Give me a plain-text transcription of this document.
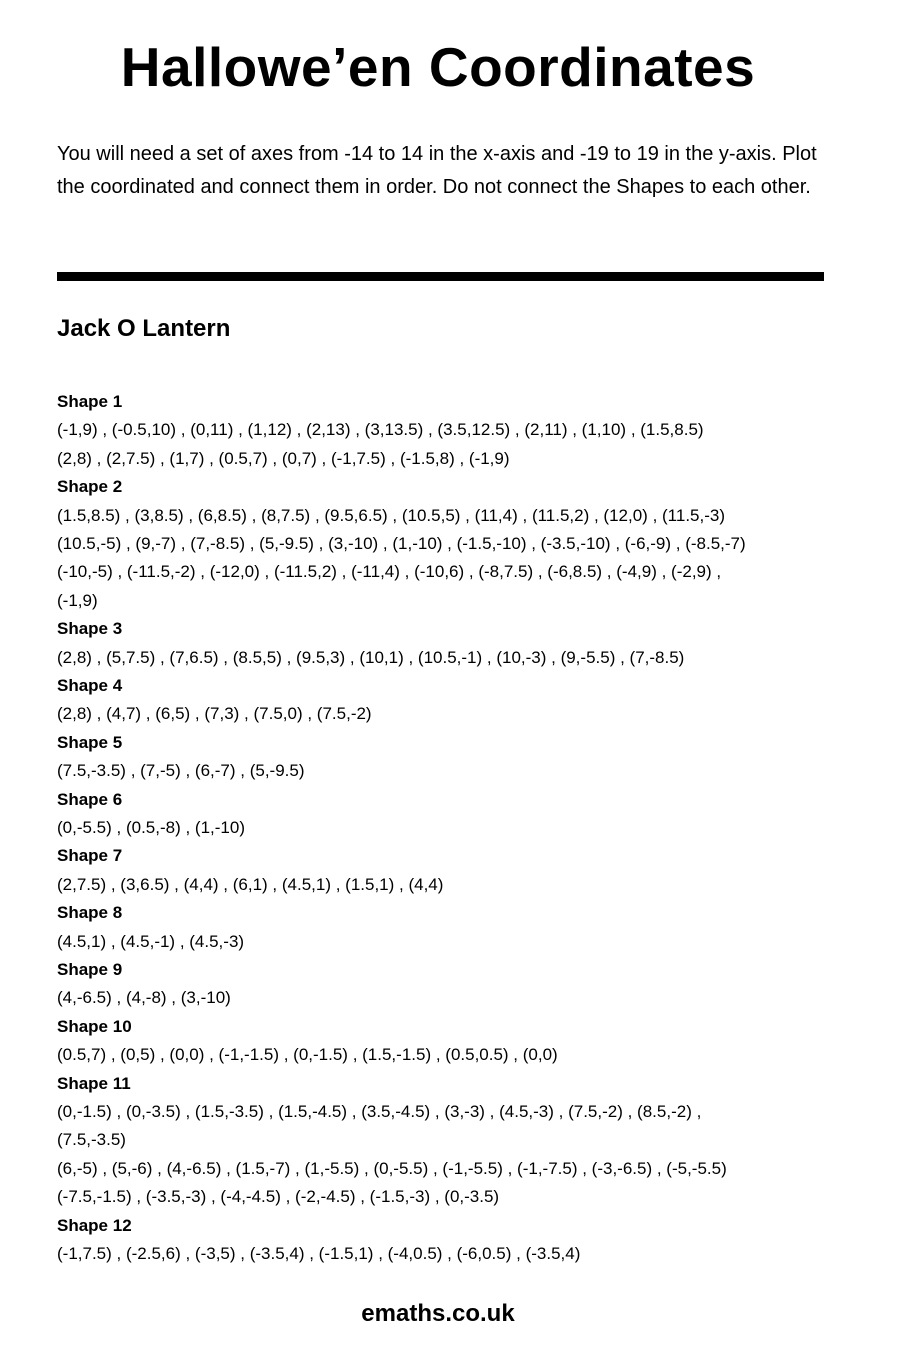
Hallowe’en Coordinates

You will need a set of axes from -14 to 14 in the x-axis and -19 to 19 in the y-axis. Plot the coordinated and connect them in order. Do not connect the Shapes to each other.

Jack O Lantern
Shape 1
(-1,9) , (-0.5,10) , (0,11) , (1,12) , (2,13) , (3,13.5) , (3.5,12.5) , (2,11) , (1,10) , (1.5,8.5)
(2,8) , (2,7.5) , (1,7) , (0.5,7) , (0,7) , (-1,7.5) , (-1.5,8) , (-1,9)
Shape 2
(1.5,8.5) , (3,8.5) , (6,8.5) , (8,7.5) , (9.5,6.5) , (10.5,5) , (11,4) , (11.5,2) , (12,0) , (11.5,-3)
(10.5,-5) , (9,-7) , (7,-8.5) , (5,-9.5) , (3,-10) , (1,-10) , (-1.5,-10) , (-3.5,-10) , (-6,-9) , (-8.5,-7)
(-10,-5) , (-11.5,-2) , (-12,0) , (-11.5,2) , (-11,4) , (-10,6) , (-8,7.5) , (-6,8.5) , (-4,9) , (-2,9) ,
(-1,9)
Shape 3
(2,8) , (5,7.5) , (7,6.5) , (8.5,5) , (9.5,3) , (10,1) , (10.5,-1) , (10,-3) , (9,-5.5) , (7,-8.5)
Shape 4
(2,8) , (4,7) , (6,5) , (7,3) , (7.5,0) , (7.5,-2)
Shape 5
(7.5,-3.5) , (7,-5) , (6,-7) , (5,-9.5)
Shape 6
(0,-5.5) , (0.5,-8) , (1,-10)
Shape 7
(2,7.5) , (3,6.5) , (4,4) , (6,1) , (4.5,1) , (1.5,1) , (4,4)
Shape 8
(4.5,1) , (4.5,-1) , (4.5,-3)
Shape 9
(4,-6.5) , (4,-8) , (3,-10)
Shape 10
(0.5,7) , (0,5) , (0,0) , (-1,-1.5) , (0,-1.5) , (1.5,-1.5) , (0.5,0.5) , (0,0)
Shape 11
(0,-1.5) , (0,-3.5) , (1.5,-3.5) , (1.5,-4.5) , (3.5,-4.5) , (3,-3) , (4.5,-3) , (7.5,-2) , (8.5,-2) ,
(7.5,-3.5)
(6,-5) , (5,-6) , (4,-6.5) , (1.5,-7) , (1,-5.5) , (0,-5.5) , (-1,-5.5) , (-1,-7.5) , (-3,-6.5) , (-5,-5.5)
(-7.5,-1.5) , (-3.5,-3) , (-4,-4.5) , (-2,-4.5) , (-1.5,-3) , (0,-3.5)
Shape 12
(-1,7.5) , (-2.5,6) , (-3,5) , (-3.5,4) , (-1.5,1) , (-4,0.5) , (-6,0.5) , (-3.5,4)
emaths.co.uk
